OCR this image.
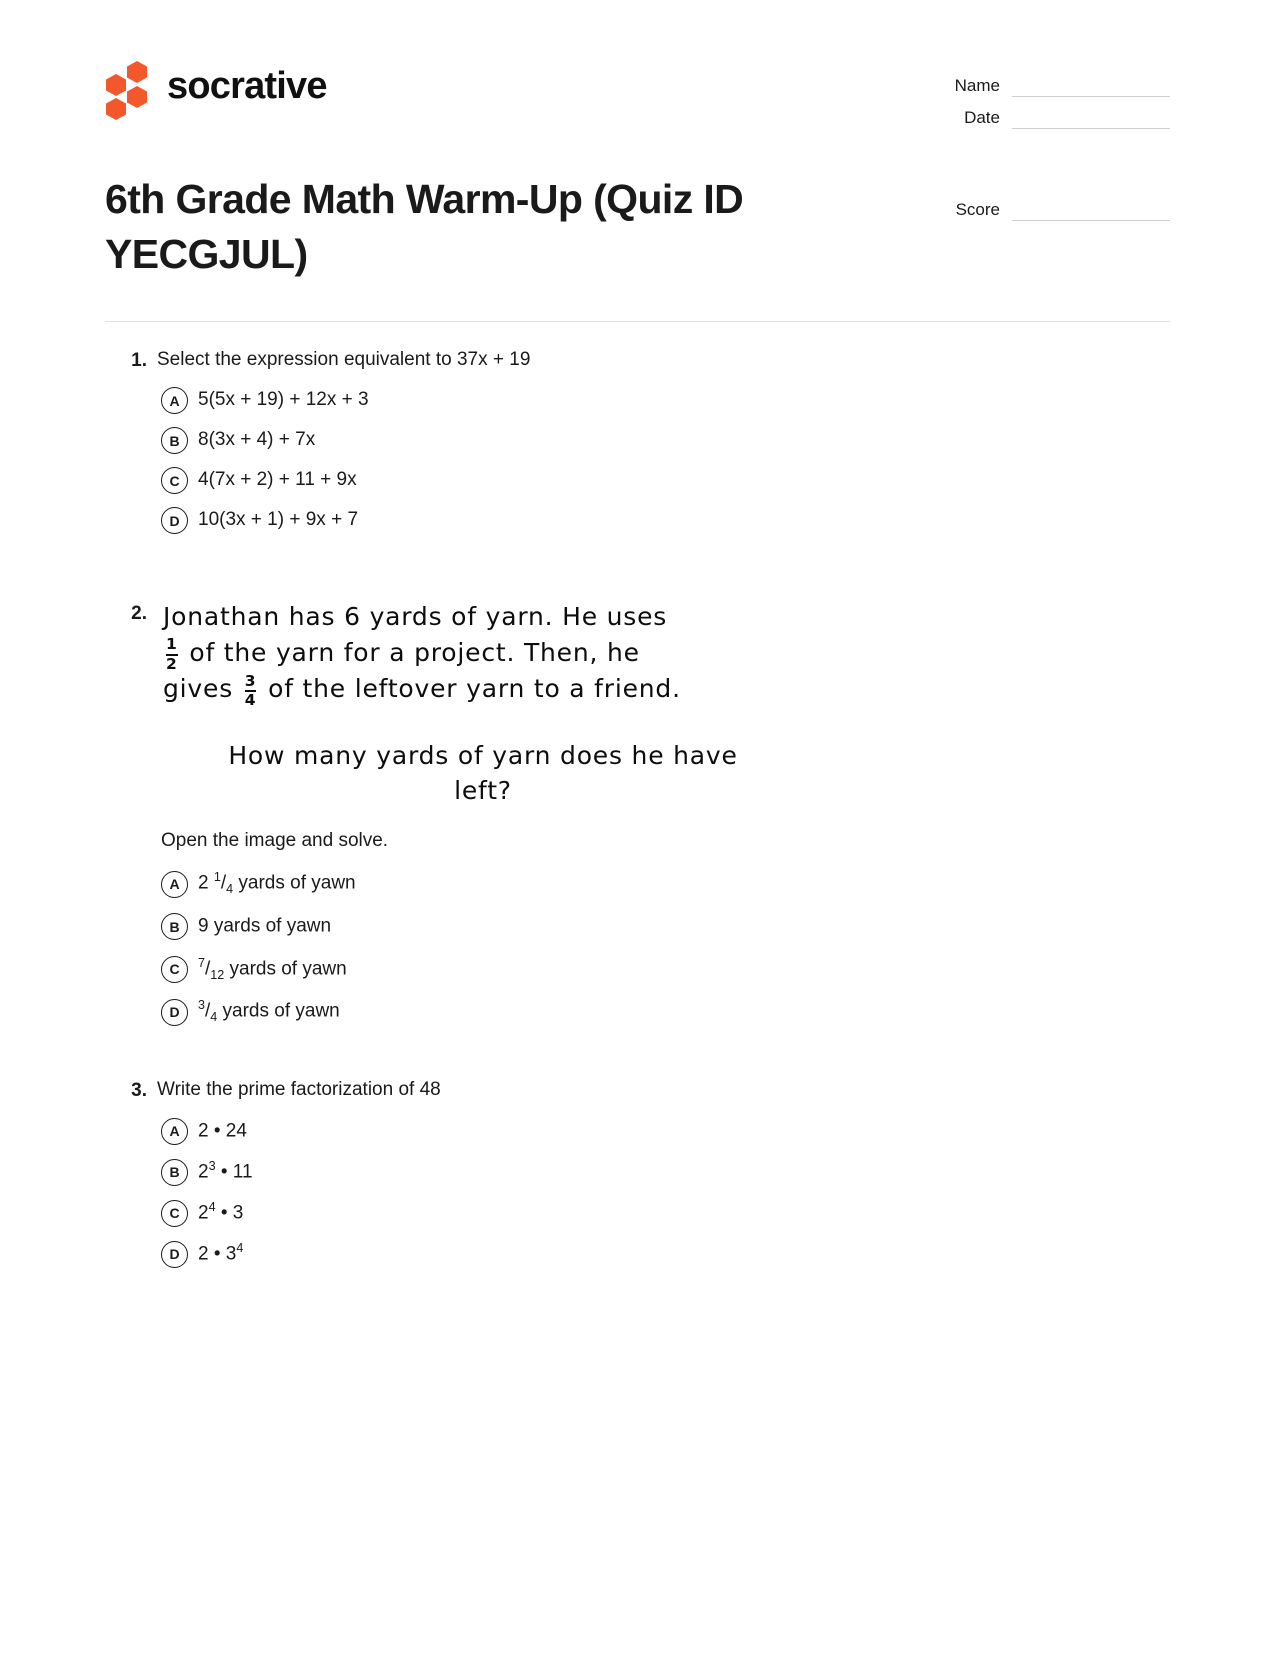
socrative
6th Grade Math Warm-Up (Quiz ID YECGJUL)
Name
Date
Score
1. Select the expression equivalent to 37x + 19
A 5(5x + 19) + 12x + 3
B 8(3x + 4) + 7x
C 4(7x + 2) + 11 + 9x
D 10(3x + 1) + 9x + 7
2. Jonathan has 6 yards of yarn. He uses
$\frac{1}{2}$ of the yarn for a project. Then, he
gives $\frac{3}{4}$ of the leftover yarn to a friend.
How many yards of yarn does he have
left?
Open the image and solve.
A 2 $^1/_4$ yards of yawn
B 9 yards of yawn
C	$^7/_{12}$ yards of yawn
D	$^3/_4$ yards of yawn
3. Write the prime factorization of 48
A 2 • 24
B $2^3$ • 11
C $2^4$ • 3
D 2 • $3^4$
